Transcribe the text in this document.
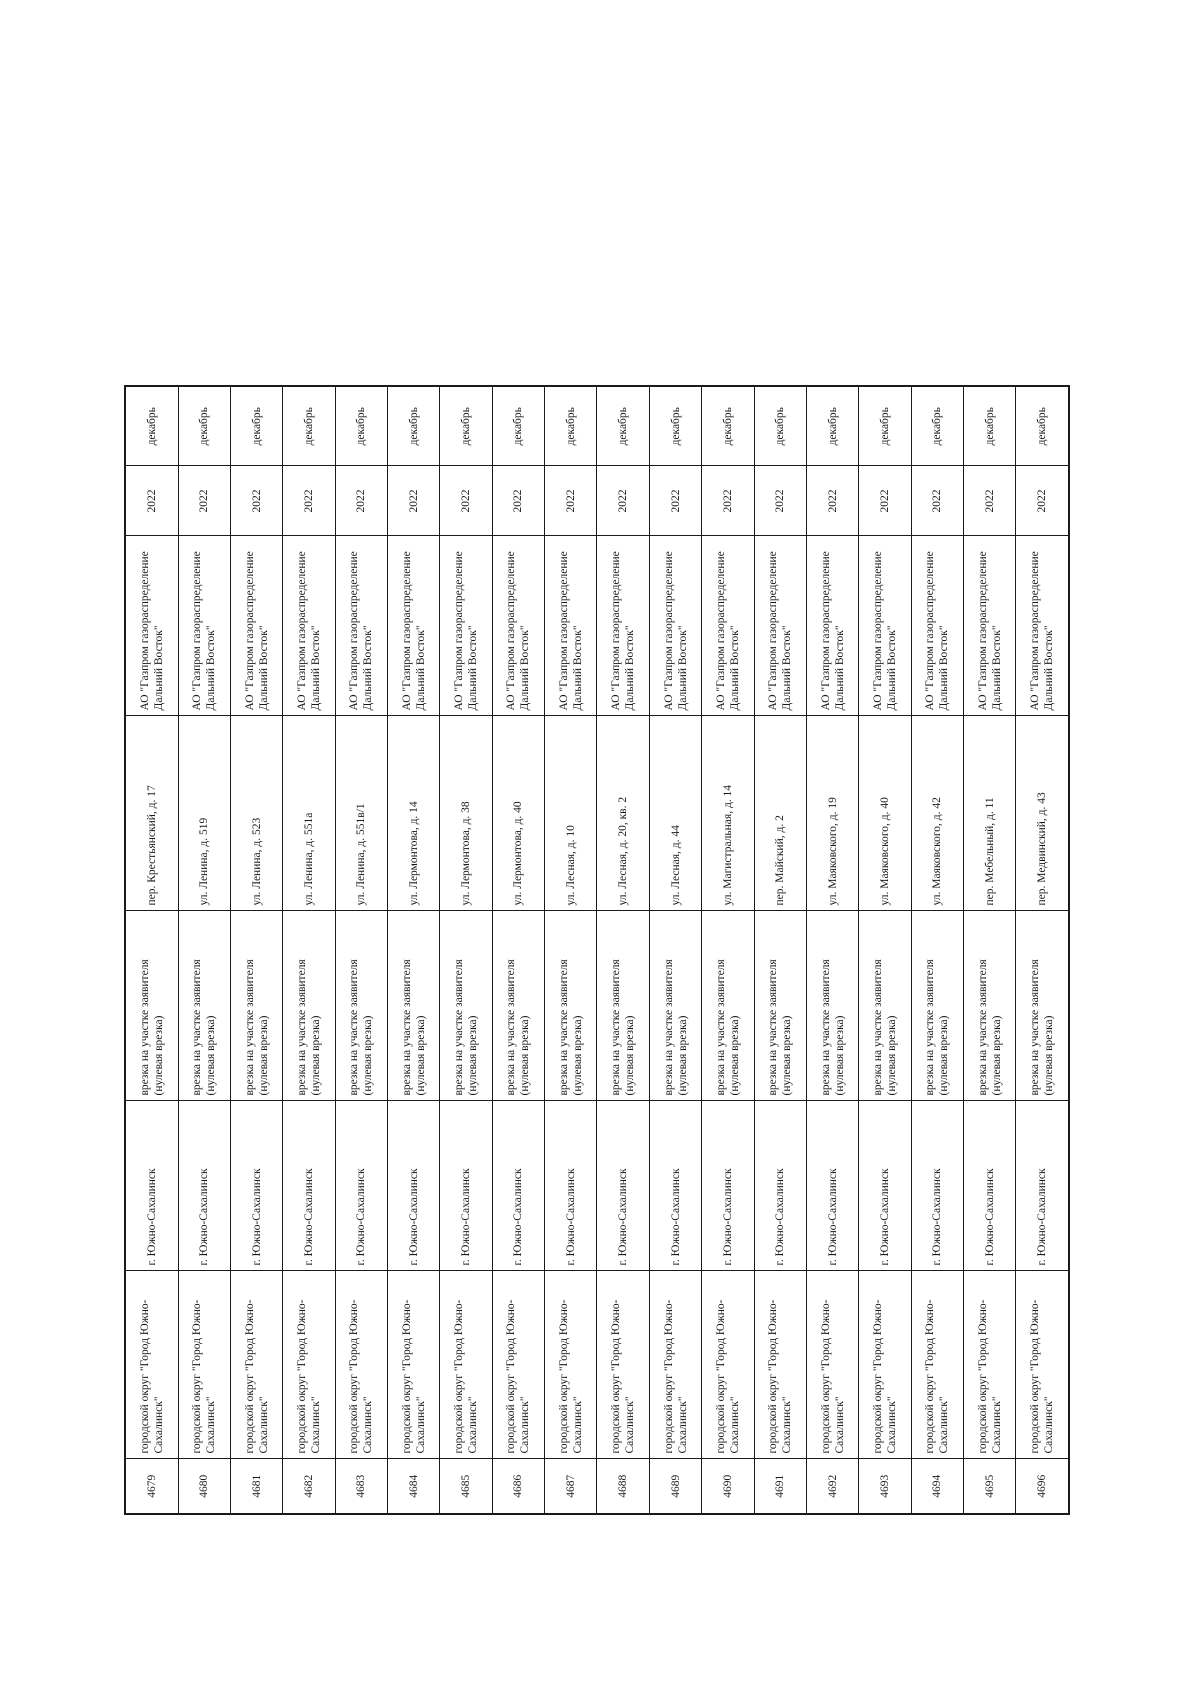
4679	городской округ "Город Южно-Сахалинск"	г. Южно-Сахалинск	врезка на участке заявителя (нулевая врезка)	пер. Крестьянский, д. 17	АО "Газпром газораспределение Дальний Восток"	2022	декабрь
4680	городской округ "Город Южно-Сахалинск"	г. Южно-Сахалинск	врезка на участке заявителя (нулевая врезка)	ул. Ленина, д. 519	АО "Газпром газораспределение Дальний Восток"	2022	декабрь
4681	городской округ "Город Южно-Сахалинск"	г. Южно-Сахалинск	врезка на участке заявителя (нулевая врезка)	ул. Ленина, д. 523	АО "Газпром газораспределение Дальний Восток"	2022	декабрь
4682	городской округ "Город Южно-Сахалинск"	г. Южно-Сахалинск	врезка на участке заявителя (нулевая врезка)	ул. Ленина, д. 551а	АО "Газпром газораспределение Дальний Восток"	2022	декабрь
4683	городской округ "Город Южно-Сахалинск"	г. Южно-Сахалинск	врезка на участке заявителя (нулевая врезка)	ул. Ленина, д. 551в/1	АО "Газпром газораспределение Дальний Восток"	2022	декабрь
4684	городской округ "Город Южно-Сахалинск"	г. Южно-Сахалинск	врезка на участке заявителя (нулевая врезка)	ул. Лермонтова, д. 14	АО "Газпром газораспределение Дальний Восток"	2022	декабрь
4685	городской округ "Город Южно-Сахалинск"	г. Южно-Сахалинск	врезка на участке заявителя (нулевая врезка)	ул. Лермонтова, д. 38	АО "Газпром газораспределение Дальний Восток"	2022	декабрь
4686	городской округ "Город Южно-Сахалинск"	г. Южно-Сахалинск	врезка на участке заявителя (нулевая врезка)	ул. Лермонтова, д. 40	АО "Газпром газораспределение Дальний Восток"	2022	декабрь
4687	городской округ "Город Южно-Сахалинск"	г. Южно-Сахалинск	врезка на участке заявителя (нулевая врезка)	ул. Лесная, д. 10	АО "Газпром газораспределение Дальний Восток"	2022	декабрь
4688	городской округ "Город Южно-Сахалинск"	г. Южно-Сахалинск	врезка на участке заявителя (нулевая врезка)	ул. Лесная, д. 20, кв. 2	АО "Газпром газораспределение Дальний Восток"	2022	декабрь
4689	городской округ "Город Южно-Сахалинск"	г. Южно-Сахалинск	врезка на участке заявителя (нулевая врезка)	ул. Лесная, д. 44	АО "Газпром газораспределение Дальний Восток"	2022	декабрь
4690	городской округ "Город Южно-Сахалинск"	г. Южно-Сахалинск	врезка на участке заявителя (нулевая врезка)	ул. Магистральная, д. 14	АО "Газпром газораспределение Дальний Восток"	2022	декабрь
4691	городской округ "Город Южно-Сахалинск"	г. Южно-Сахалинск	врезка на участке заявителя (нулевая врезка)	пер. Майский, д. 2	АО "Газпром газораспределение Дальний Восток"	2022	декабрь
4692	городской округ "Город Южно-Сахалинск"	г. Южно-Сахалинск	врезка на участке заявителя (нулевая врезка)	ул. Маяковского, д. 19	АО "Газпром газораспределение Дальний Восток"	2022	декабрь
4693	городской округ "Город Южно-Сахалинск"	г. Южно-Сахалинск	врезка на участке заявителя (нулевая врезка)	ул. Маяковского, д. 40	АО "Газпром газораспределение Дальний Восток"	2022	декабрь
4694	городской округ "Город Южно-Сахалинск"	г. Южно-Сахалинск	врезка на участке заявителя (нулевая врезка)	ул. Маяковского, д. 42	АО "Газпром газораспределение Дальний Восток"	2022	декабрь
4695	городской округ "Город Южно-Сахалинск"	г. Южно-Сахалинск	врезка на участке заявителя (нулевая врезка)	пер. Мебельный, д. 11	АО "Газпром газораспределение Дальний Восток"	2022	декабрь
4696	городской округ "Город Южно-Сахалинск"	г. Южно-Сахалинск	врезка на участке заявителя (нулевая врезка)	пер. Медвинский, д. 43	АО "Газпром газораспределение Дальний Восток"	2022	декабрь
